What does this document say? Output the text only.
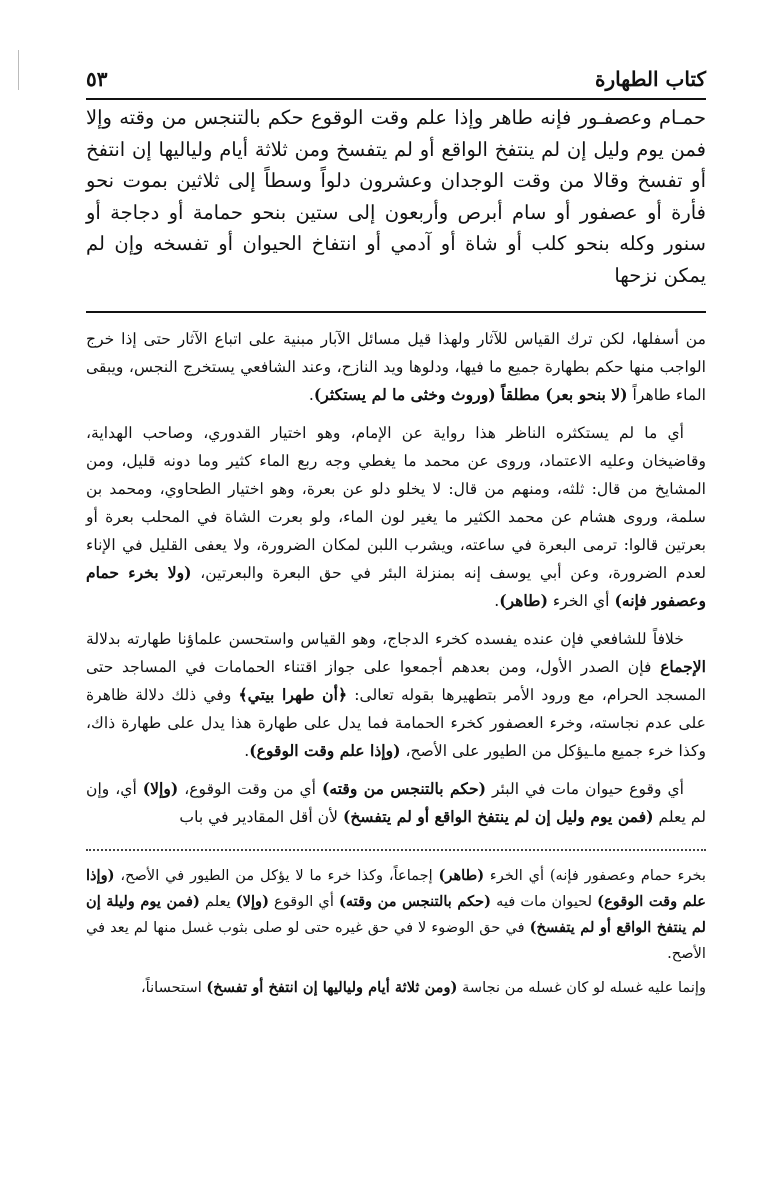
كتاب الطهارة
٥٣

حمـام وعصفـور فإنه طاهر وإذا علم وقت الوقوع حكم بالتنجس من وقته وإلا فمن يوم وليل إن لم ينتفخ الواقع أو لم يتفسخ ومن ثلاثة أيام ولياليها إن انتفخ أو تفسخ وقالا من وقت الوجدان وعشرون دلواً وسطاً إلى ثلاثين بموت نحو فأرة أو عصفور أو سام أبرص وأربعون إلى ستين بنحو حمامة أو دجاجة أو سنور وكله بنحو كلب أو شاة أو آدمي أو انتفاخ الحيوان أو تفسخه وإن لم يمكن نزحها

من أسفلها، لكن ترك القياس للآثار ولهذا قيل مسائل الآبار مبنية على اتباع الآثار حتى إذا خرج الواجب منها حكم بطهارة جميع ما فيها، ودلوها ويد النازح، وعند الشافعي يستخرج النجس، ويبقى الماء طاهراً (لا بنحو بعر) مطلقاً (وروث وخثى ما لم يستكثر).

أي ما لم يستكثره الناظر هذا رواية عن الإمام، وهو اختيار القدوري، وصاحب الهداية، وقاضيخان وعليه الاعتماد، وروى عن محمد ما يغطي وجه ربع الماء كثير وما دونه قليل، ومن المشايخ من قال: ثلثه، ومنهم من قال: لا يخلو دلو عن بعرة، وهو اختيار الطحاوي، ومحمد بن سلمة، وروى هشام عن محمد الكثير ما يغير لون الماء، ولو بعرت الشاة في المحلب بعرة أو بعرتين قالوا: ترمى البعرة في ساعته، ويشرب اللبن لمكان الضرورة، ولا يعفى القليل في الإناء لعدم الضرورة، وعن أبي يوسف إنه بمنزلة البئر في حق البعرة والبعرتين، (ولا بخرء حمام وعصفور فإنه) أي الخرء (طاهر).

خلافاً للشافعي فإن عنده يفسده كخرء الدجاج، وهو القياس واستحسن علماؤنا طهارته بدلالة الإجماع فإن الصدر الأول، ومن بعدهم أجمعوا على جواز اقتناء الحمامات في المساجد حتى المسجد الحرام، مع ورود الأمر بتطهيرها بقوله تعالى: ﴿أن طهرا بيتي﴾ وفي ذلك دلالة ظاهرة على عدم نجاسته، وخرء العصفور كخرء الحمامة فما يدل على طهارة هذا يدل على طهارة ذاك، وكذا خرء جميع ماـيؤكل من الطيور على الأصح، (وإذا علم وقت الوقوع).

أي وقوع حيوان مات في البئر (حكم بالتنجس من وقته) أي من وقت الوقوع، (وإلا) أي، وإن لم يعلم (فمن يوم وليل إن لم ينتفخ الواقع أو لم يتفسخ) لأن أقل المقادير في باب

بخرء حمام وعصفور فإنه) أي الخرء (طاهر) إجماعاً، وكذا خرء ما لا يؤكل من الطيور في الأصح، (وإذا علم وقت الوقوع) لحيوان مات فيه (حكم بالتنجس من وقته) أي الوقوع (وإلا) يعلم (فمن يوم وليلة إن لم ينتفخ الواقع أو لم يتفسخ) في حق الوضوء لا في حق غيره حتى لو صلى بثوب غسل منها لم يعد في الأصح.

وإنما عليه غسله لو كان غسله من نجاسة (ومن ثلاثة أيام ولياليها إن انتفخ أو تفسخ) استحساناً،
